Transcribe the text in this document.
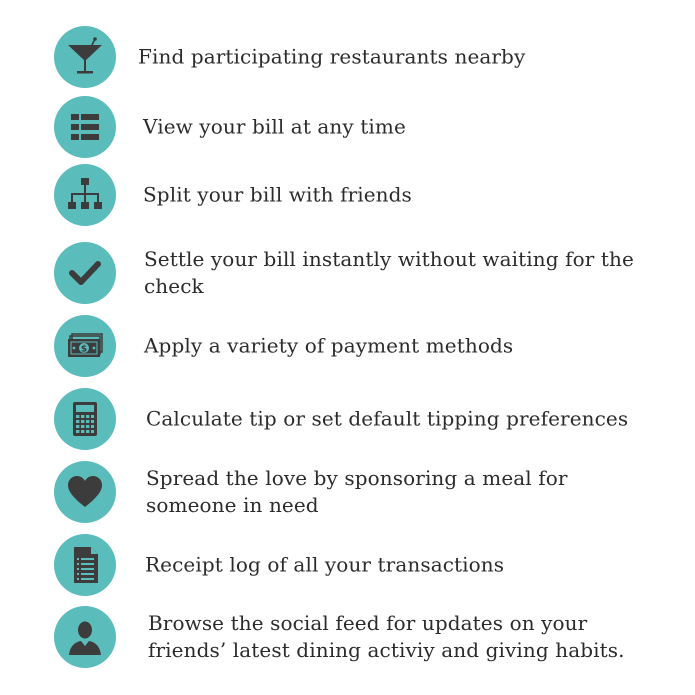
Find participating restaurants nearby
View your bill at any time
Split your bill with friends
Settle your bill instantly without waiting for the check
$	Apply a variety of payment methods
Calculate tip or set default tipping preferences
Spread the love by sponsoring a meal for someone in need
Receipt log of all your transactions
Browse the social feed for updates on your friends’ latest dining activiy and giving habits.
